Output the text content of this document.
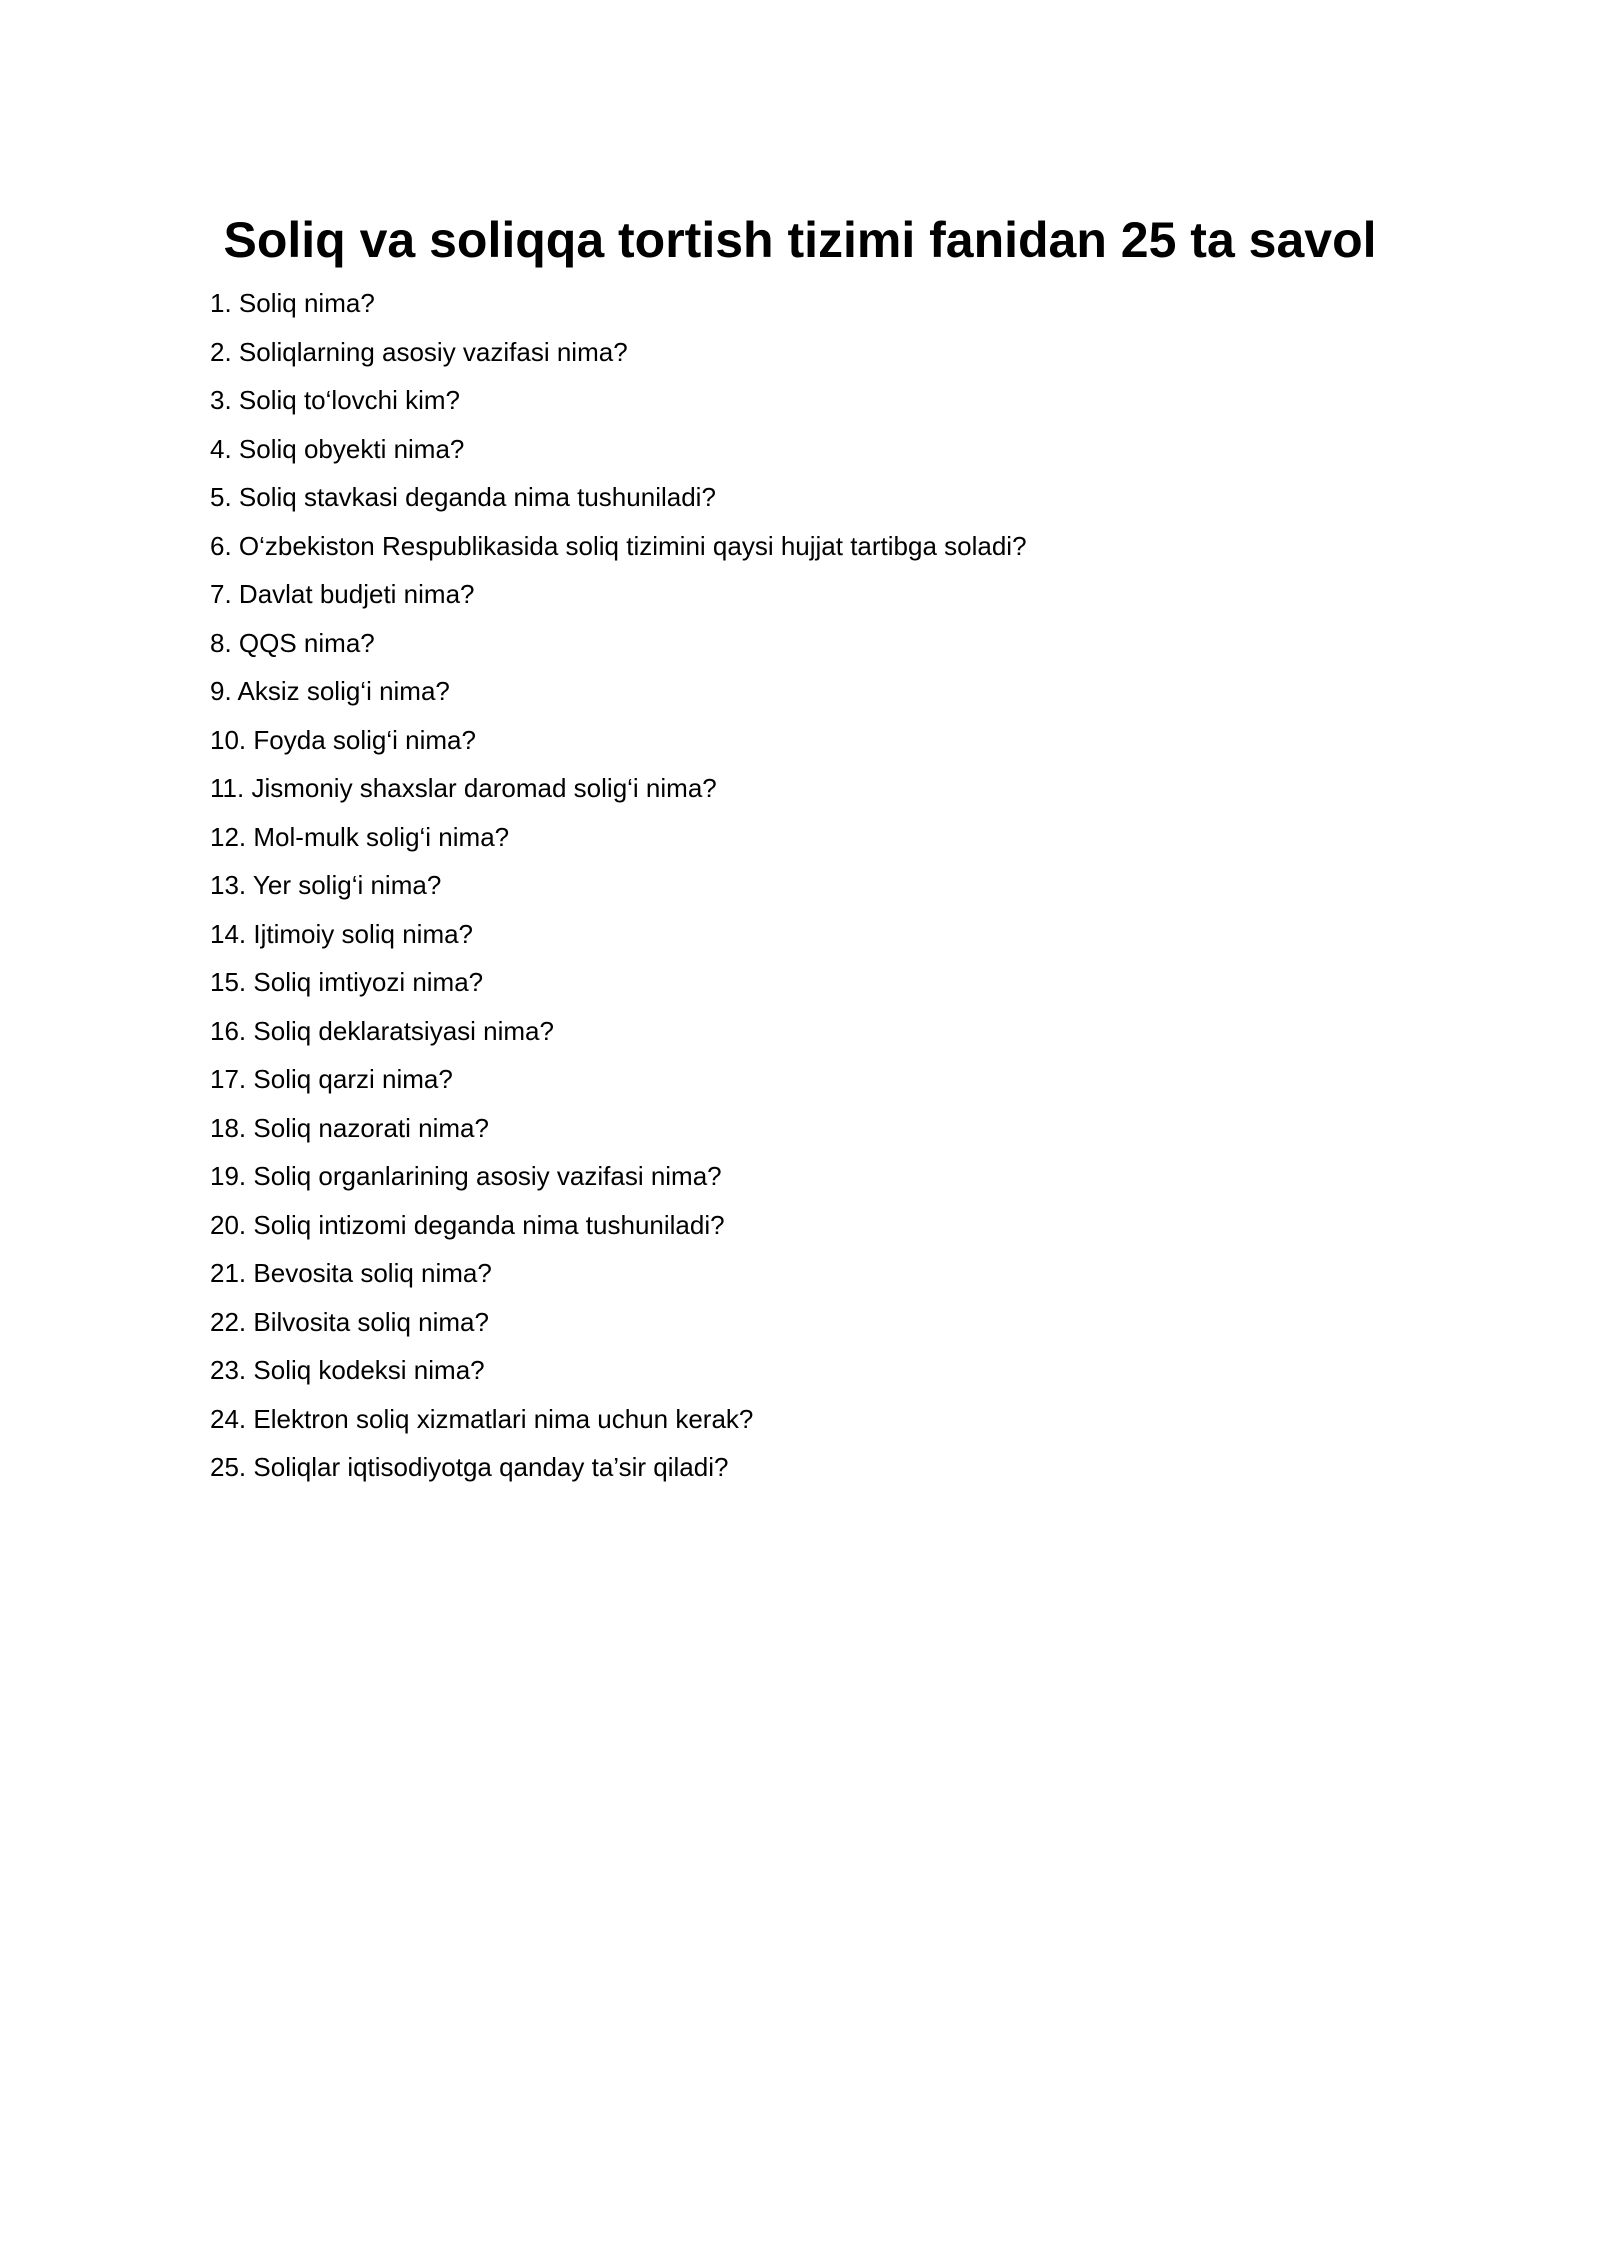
Soliq va soliqqa tortish tizimi fanidan 25 ta savol
1. Soliq nima?
2. Soliqlarning asosiy vazifasi nima?
3. Soliq to‘lovchi kim?
4. Soliq obyekti nima?
5. Soliq stavkasi deganda nima tushuniladi?
6. O‘zbekiston Respublikasida soliq tizimini qaysi hujjat tartibga soladi?
7. Davlat budjeti nima?
8. QQS nima?
9. Aksiz solig‘i nima?
10. Foyda solig‘i nima?
11. Jismoniy shaxslar daromad solig‘i nima?
12. Mol-mulk solig‘i nima?
13. Yer solig‘i nima?
14. Ijtimoiy soliq nima?
15. Soliq imtiyozi nima?
16. Soliq deklaratsiyasi nima?
17. Soliq qarzi nima?
18. Soliq nazorati nima?
19. Soliq organlarining asosiy vazifasi nima?
20. Soliq intizomi deganda nima tushuniladi?
21. Bevosita soliq nima?
22. Bilvosita soliq nima?
23. Soliq kodeksi nima?
24. Elektron soliq xizmatlari nima uchun kerak?
25. Soliqlar iqtisodiyotga qanday ta’sir qiladi?
